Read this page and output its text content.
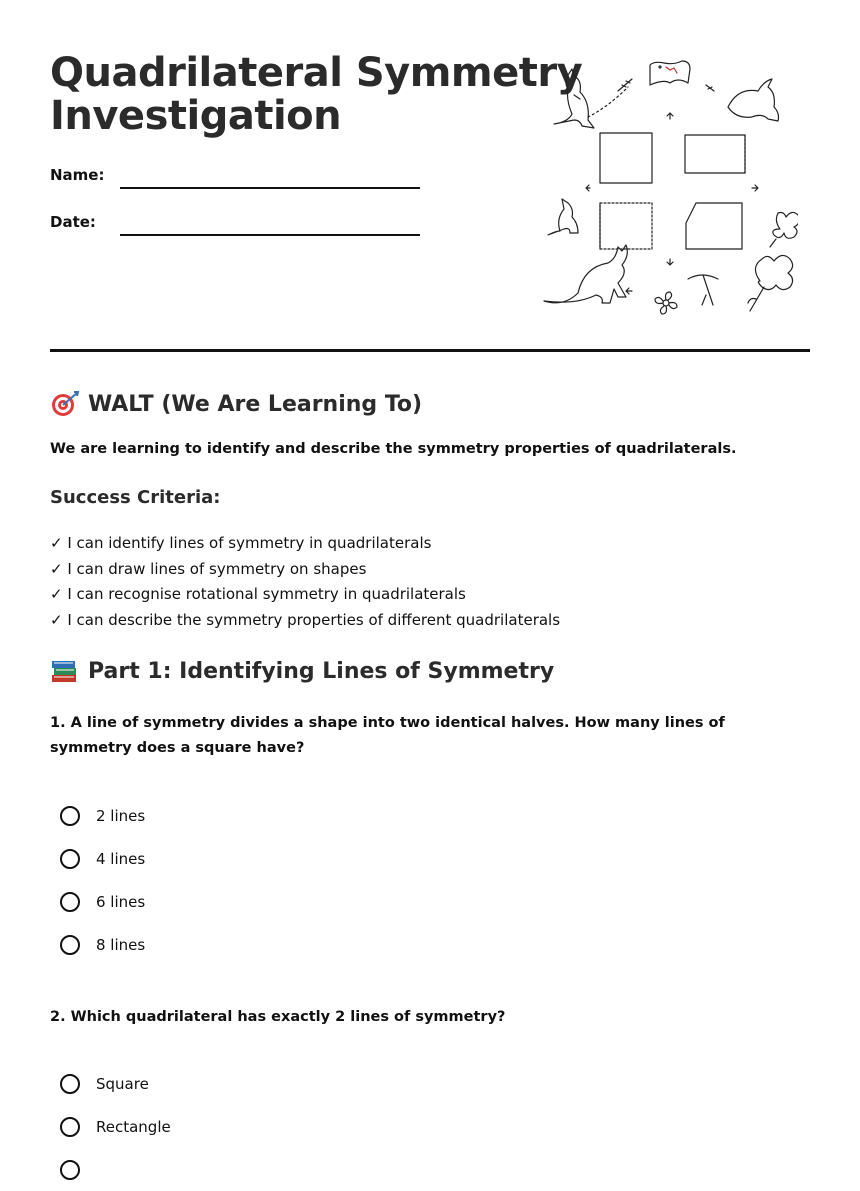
Quadrilateral Symmetry
Investigation
Name:
Date:
WALT (We Are Learning To)

We are learning to identify and describe the symmetry properties of quadrilaterals.

Success Criteria:
✓ I can identify lines of symmetry in quadrilaterals
✓ I can draw lines of symmetry on shapes
✓ I can recognise rotational symmetry in quadrilaterals
✓ I can describe the symmetry properties of different quadrilaterals
Part 1: Identifying Lines of Symmetry

1. A line of symmetry divides a shape into two identical halves. How many lines of symmetry does a square have?

2 lines
4 lines
6 lines
8 lines

2. Which quadrilateral has exactly 2 lines of symmetry?

Square
Rectangle
